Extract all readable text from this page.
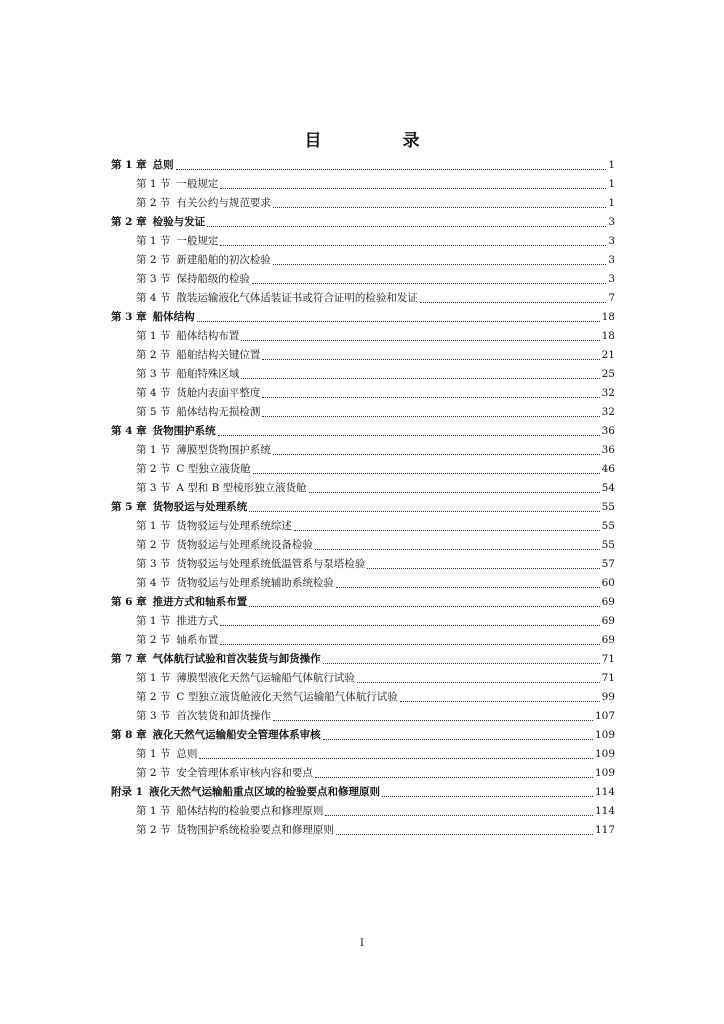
目　录
第 1 章 总则	1
第 1 节 一般规定	1
第 2 节 有关公约与规范要求	1
第 2 章 检验与发证	3
第 1 节 一般规定	3
第 2 节 新建船舶的初次检验	3
第 3 节 保持船级的检验	3
第 4 节 散装运输液化气体适装证书或符合证明的检验和发证	7
第 3 章 船体结构	18
第 1 节 船体结构布置	18
第 2 节 船舶结构关键位置	21
第 3 节 船舶特殊区域	25
第 4 节 货舱内表面平整度	32
第 5 节 船体结构无损检测	32
第 4 章 货物围护系统	36
第 1 节 薄膜型货物围护系统	36
第 2 节 C 型独立液货舱	46
第 3 节 A 型和 B 型棱形独立液货舱	54
第 5 章 货物驳运与处理系统	55
第 1 节 货物驳运与处理系统综述	55
第 2 节 货物驳运与处理系统设备检验	55
第 3 节 货物驳运与处理系统低温管系与泵塔检验	57
第 4 节 货物驳运与处理系统辅助系统检验	60
第 6 章 推进方式和轴系布置	69
第 1 节 推进方式	69
第 2 节 轴系布置	69
第 7 章 气体航行试验和首次装货与卸货操作	71
第 1 节 薄膜型液化天然气运输船气体航行试验	71
第 2 节 C 型独立液货舱液化天然气运输船气体航行试验	99
第 3 节 首次装货和卸货操作	107
第 8 章 液化天然气运输船安全管理体系审核	109
第 1 节 总则	109
第 2 节 安全管理体系审核内容和要点	109
附录 1 液化天然气运输船重点区域的检验要点和修理原则	114
第 1 节 船体结构的检验要点和修理原则	114
第 2 节 货物围护系统检验要点和修理原则	117
I
